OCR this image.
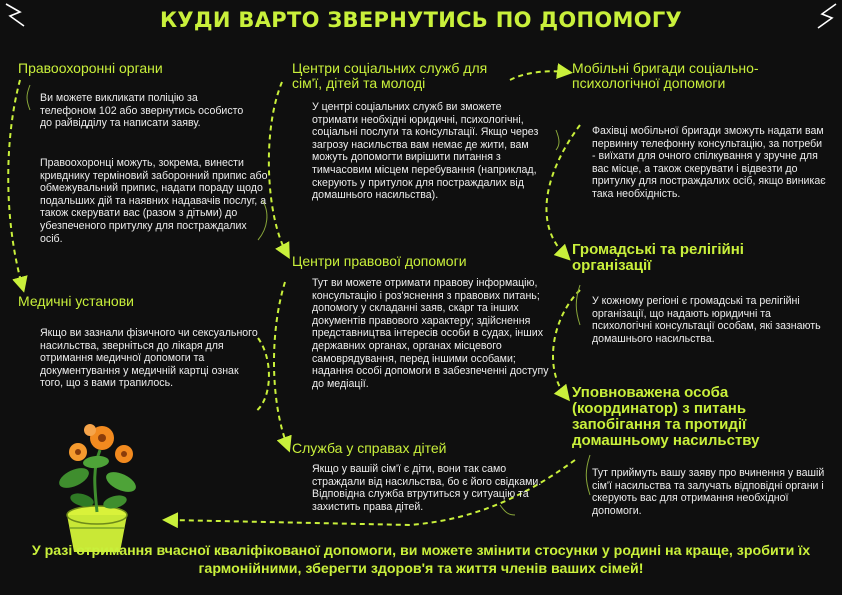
КУДИ ВАРТО ЗВЕРНУТИСЬ ПО ДОПОМОГУ
Правоохоронні органи
Ви можете викликати поліцію за телефоном 102 або звернутись особисто до райвідділу та написати заяву.
Правоохоронці можуть, зокрема, винести кривднику терміновий заборонний припис або обмежувальний припис, надати пораду щодо подальших дій та наявних надавачів послуг, а також скерувати вас (разом з дітьми) до убезпеченого притулку для постраждалих осіб.
Медичні установи
Якщо ви зазнали фізичного чи сексуального насильства, зверніться до лікаря для отримання медичної допомоги та документування у медичній картці ознак того, що з вами трапилось.
Центри соціальних служб для сім'ї, дітей та молоді
У центрі соціальних служб ви зможете отримати необхідні юридичні, психологічні, соціальні послуги та консультації. Якщо через загрозу насильства вам немає де жити, вам можуть допомогти вирішити питання з тимчасовим місцем перебування (наприклад, скерують у притулок для постраждалих від домашнього насильства).
Центри правової допомоги
Тут ви можете отримати правову інформацію, консультацію і роз'яснення з правових питань; допомогу у складанні заяв, скарг та інших документів правового характеру; здійснення представництва інтересів особи в судах, інших державних органах, органах місцевого самоврядування, перед іншими особами; надання особі допомоги в забезпеченні доступу до медіації.
Служба у справах дітей
Якщо у вашій сім'ї є діти, вони так само страждали від насильства, бо є його свідками. Відповідна служба втрутиться у ситуацію та захистить права дітей.
Мобільні бригади соціально-психологічної допомоги
Фахівці мобільної бригади зможуть надати вам первинну телефонну консультацію, за потреби - виїхати для очного спілкування у зручне для вас місце, а також скерувати і відвезти до притулку для постраждалих осіб, якщо виникає така необхідність.
Громадські та релігійні організації
У кожному регіоні є громадські та релігійні організації, що надають юридичні та психологічні консультації особам, які зазнають домашнього насильства.
Уповноважена особа (координатор) з питань запобігання та протидії домашньому насильству
Тут приймуть вашу заяву про вчинення у вашій сім'ї насильства та залучать відповідні органи і скерують вас для отримання необхідної допомоги.
У разі отримання вчасної кваліфікованої допомоги, ви можете змінити стосунки у родині на краще, зробити їх гармонійними, зберегти здоров'я та життя членів ваших сімей!
